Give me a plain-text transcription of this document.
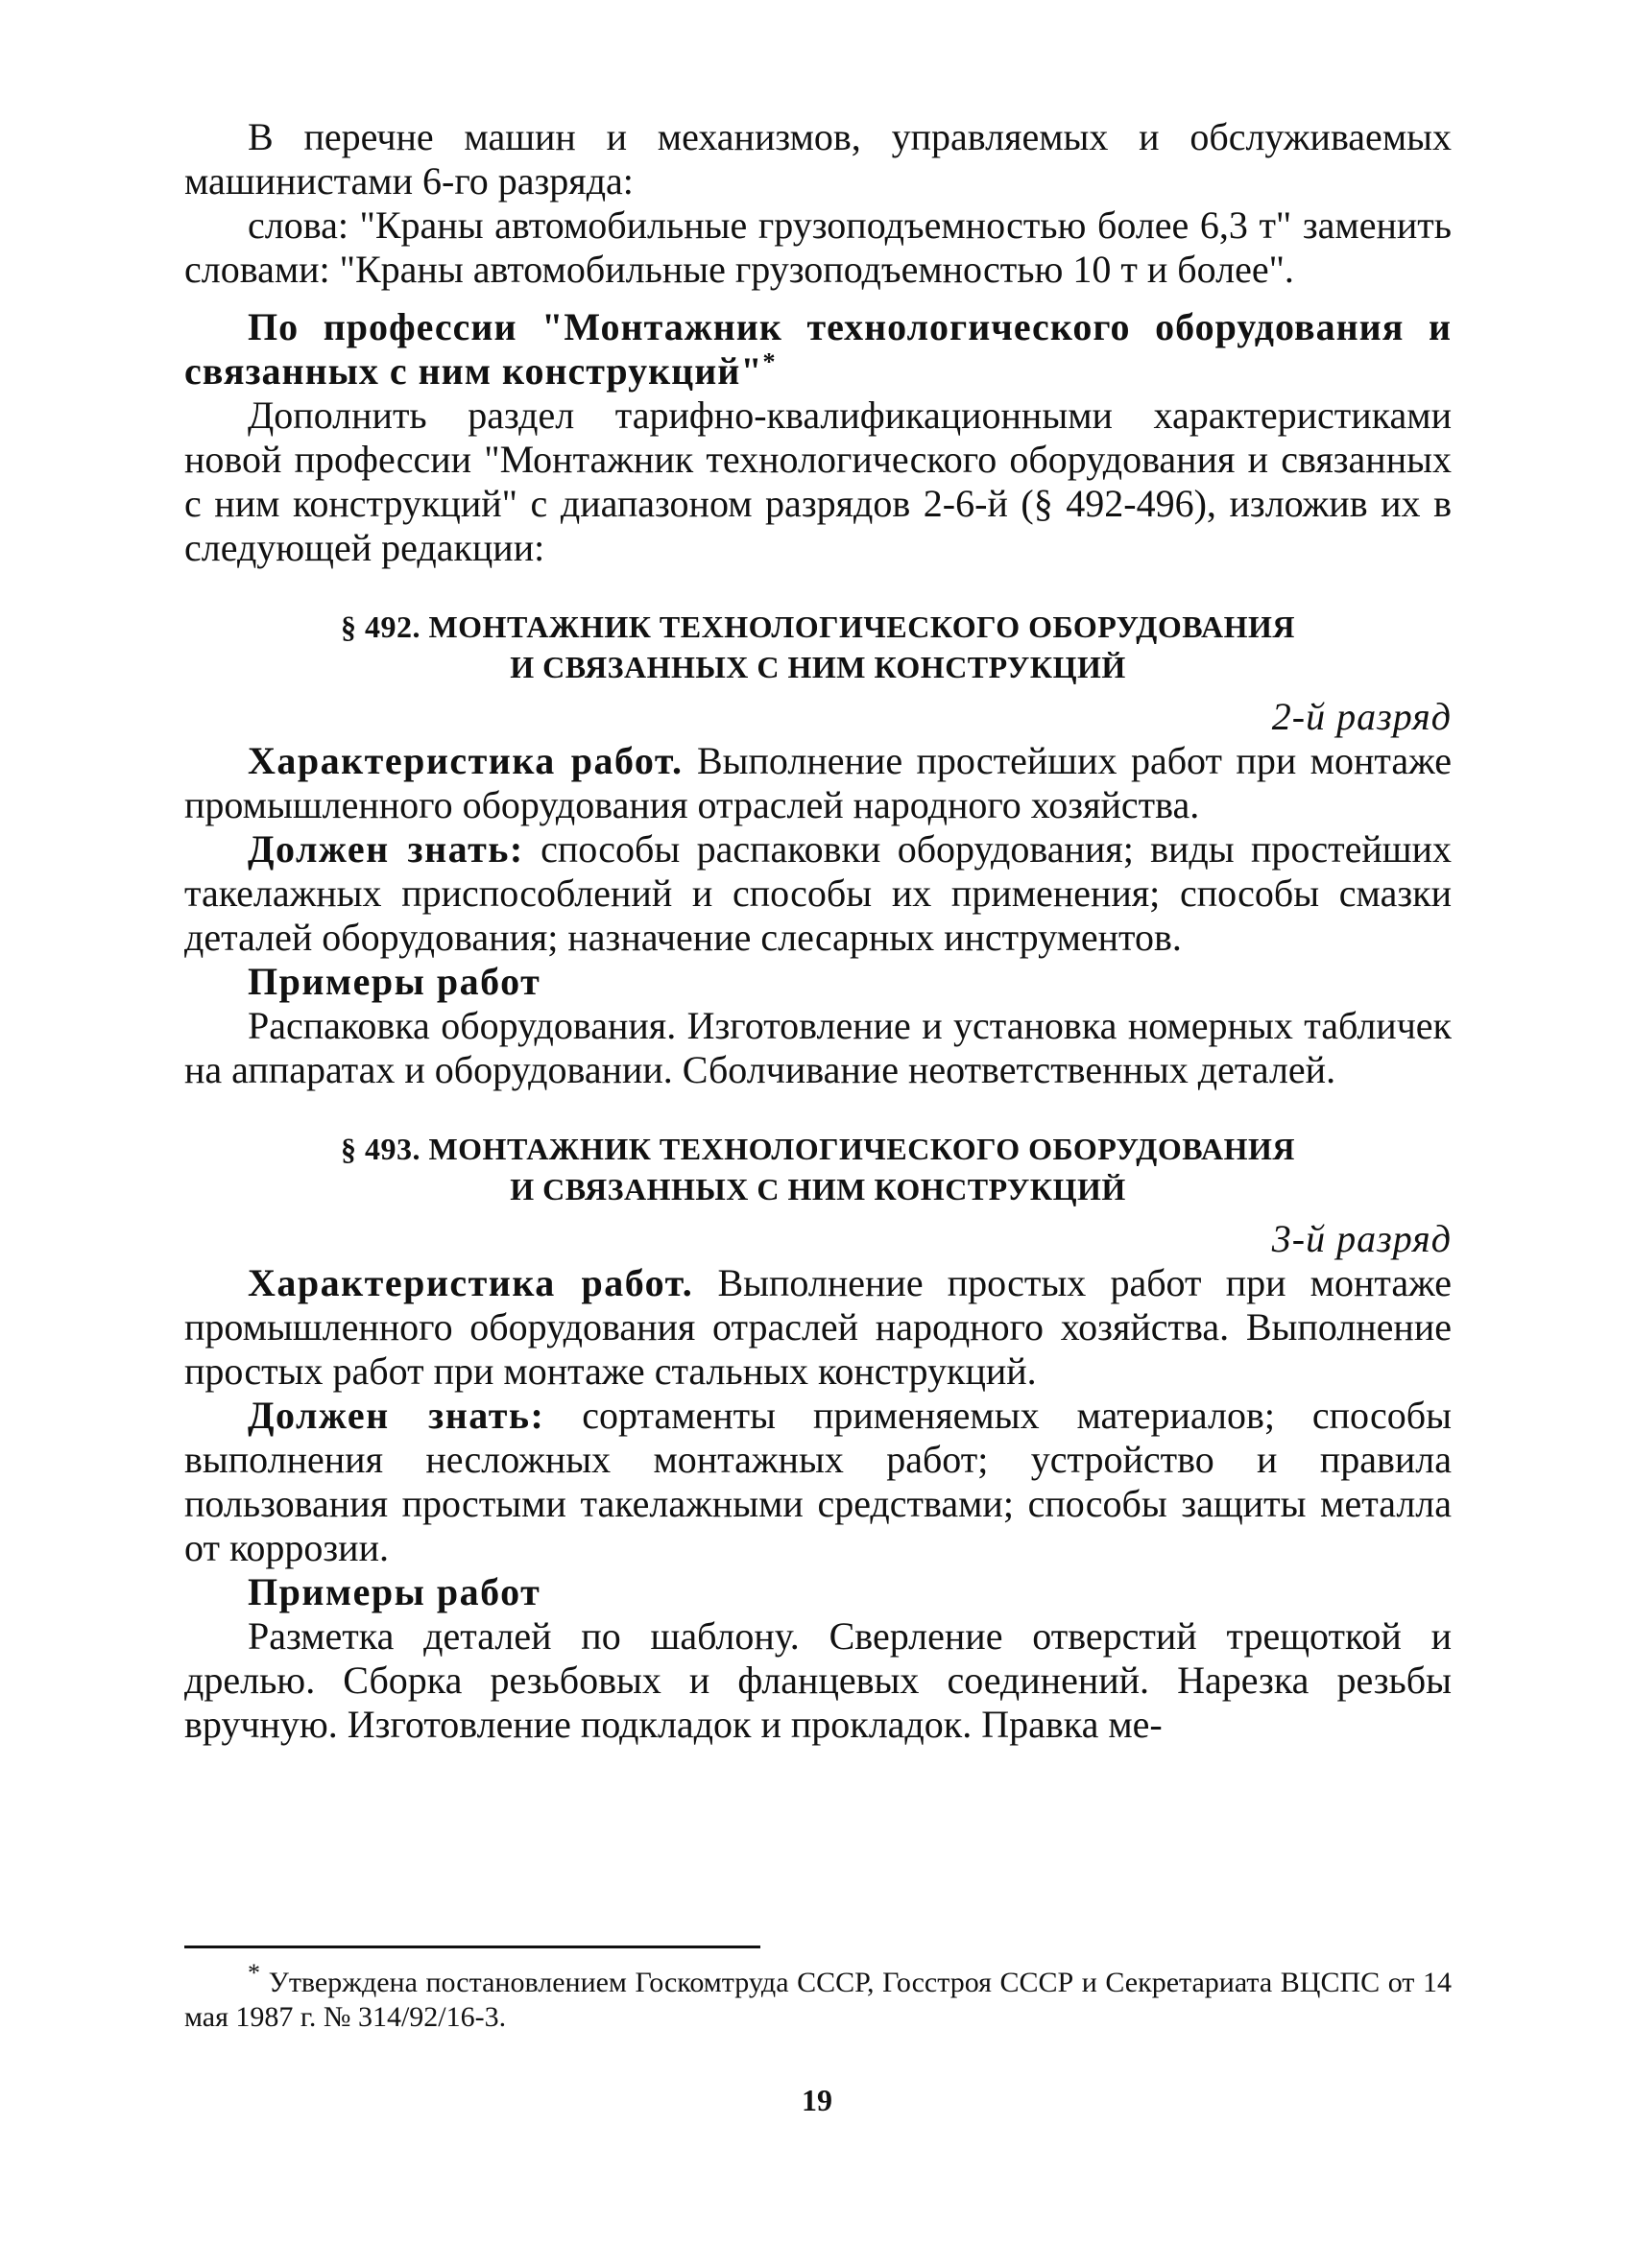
В перечне машин и механизмов, управляемых и обслуживаемых машинистами 6-го разряда:

слова: "Краны автомобильные грузоподъемностью более 6,3 т" заменить словами: "Краны автомобильные грузоподъемностью 10 т и более".

По профессии "Монтажник технологического оборудования и связанных с ним конструкций"*

Дополнить раздел тарифно-квалификационными характеристиками новой профессии "Монтажник технологического оборудования и связанных с ним конструкций" с диапазоном разрядов 2-6-й (§ 492-496), изложив их в следующей редакции:

§ 492. МОНТАЖНИК ТЕХНОЛОГИЧЕСКОГО ОБОРУДОВАНИЯ
И СВЯЗАННЫХ С НИМ КОНСТРУКЦИЙ
2-й разряд

Характеристика работ. Выполнение простейших работ при монтаже промышленного оборудования отраслей народного хозяйства.

Должен знать: способы распаковки оборудования; виды простейших такелажных приспособлений и способы их применения; способы смазки деталей оборудования; назначение слесарных инструментов.

Примеры работ

Распаковка оборудования. Изготовление и установка номерных табличек на аппаратах и оборудовании. Сболчивание неответственных деталей.

§ 493. МОНТАЖНИК ТЕХНОЛОГИЧЕСКОГО ОБОРУДОВАНИЯ
И СВЯЗАННЫХ С НИМ КОНСТРУКЦИЙ
3-й разряд

Характеристика работ. Выполнение простых работ при монтаже промышленного оборудования отраслей народного хозяйства. Выполнение простых работ при монтаже стальных конструкций.

Должен знать: сортаменты применяемых материалов; способы выполнения несложных монтажных работ; устройство и правила пользования простыми такелажными средствами; способы защиты металла от коррозии.

Примеры работ

Разметка деталей по шаблону. Сверление отверстий трещоткой и дрелью. Сборка резьбовых и фланцевых соединений. Нарезка резьбы вручную. Изготовление подкладок и прокладок. Правка ме-

* Утверждена постановлением Госкомтруда СССР, Госстроя СССР и Секретариата ВЦСПС от 14 мая 1987 г. № 314/92/16-3.

19
